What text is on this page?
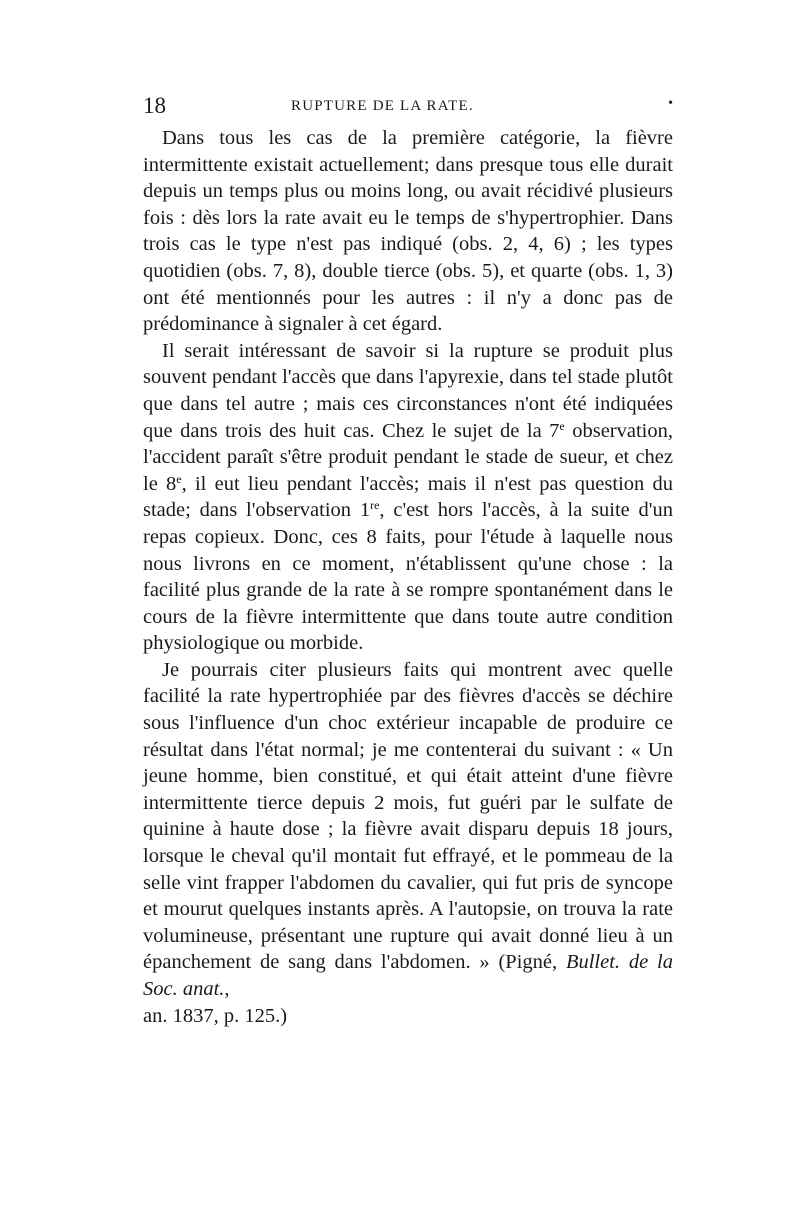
18	RUPTURE DE LA RATE.	•

Dans tous les cas de la première catégorie, la fièvre intermittente existait actuellement; dans presque tous elle durait depuis un temps plus ou moins long, ou avait récidivé plusieurs fois : dès lors la rate avait eu le temps de s'hypertrophier. Dans trois cas le type n'est pas indiqué (obs. 2, 4, 6) ; les types quotidien (obs. 7, 8), double tierce (obs. 5), et quarte (obs. 1, 3) ont été mentionnés pour les autres : il n'y a donc pas de prédominance à signaler à cet égard.

Il serait intéressant de savoir si la rupture se produit plus souvent pendant l'accès que dans l'apyrexie, dans tel stade plutôt que dans tel autre ; mais ces circonstances n'ont été indiquées que dans trois des huit cas. Chez le sujet de la 7e observation, l'accident paraît s'être produit pendant le stade de sueur, et chez le 8e, il eut lieu pendant l'accès; mais il n'est pas question du stade; dans l'observation 1re, c'est hors l'accès, à la suite d'un repas copieux. Donc, ces 8 faits, pour l'étude à laquelle nous nous livrons en ce moment, n'établissent qu'une chose : la facilité plus grande de la rate à se rompre spontanément dans le cours de la fièvre intermittente que dans toute autre condition physiologique ou morbide.

Je pourrais citer plusieurs faits qui montrent avec quelle facilité la rate hypertrophiée par des fièvres d'accès se déchire sous l'influence d'un choc extérieur incapable de produire ce résultat dans l'état normal; je me contenterai du suivant : « Un jeune homme, bien constitué, et qui était atteint d'une fièvre intermittente tierce depuis 2 mois, fut guéri par le sulfate de quinine à haute dose ; la fièvre avait disparu depuis 18 jours, lorsque le cheval qu'il montait fut effrayé, et le pommeau de la selle vint frapper l'abdomen du cavalier, qui fut pris de syncope et mourut quelques instants après. A l'autopsie, on trouva la rate volumineuse, présentant une rupture qui avait donné lieu à un épanchement de sang dans l'abdomen. » (Pigné, Bullet. de la Soc. anat.,

an. 1837, p. 125.)
